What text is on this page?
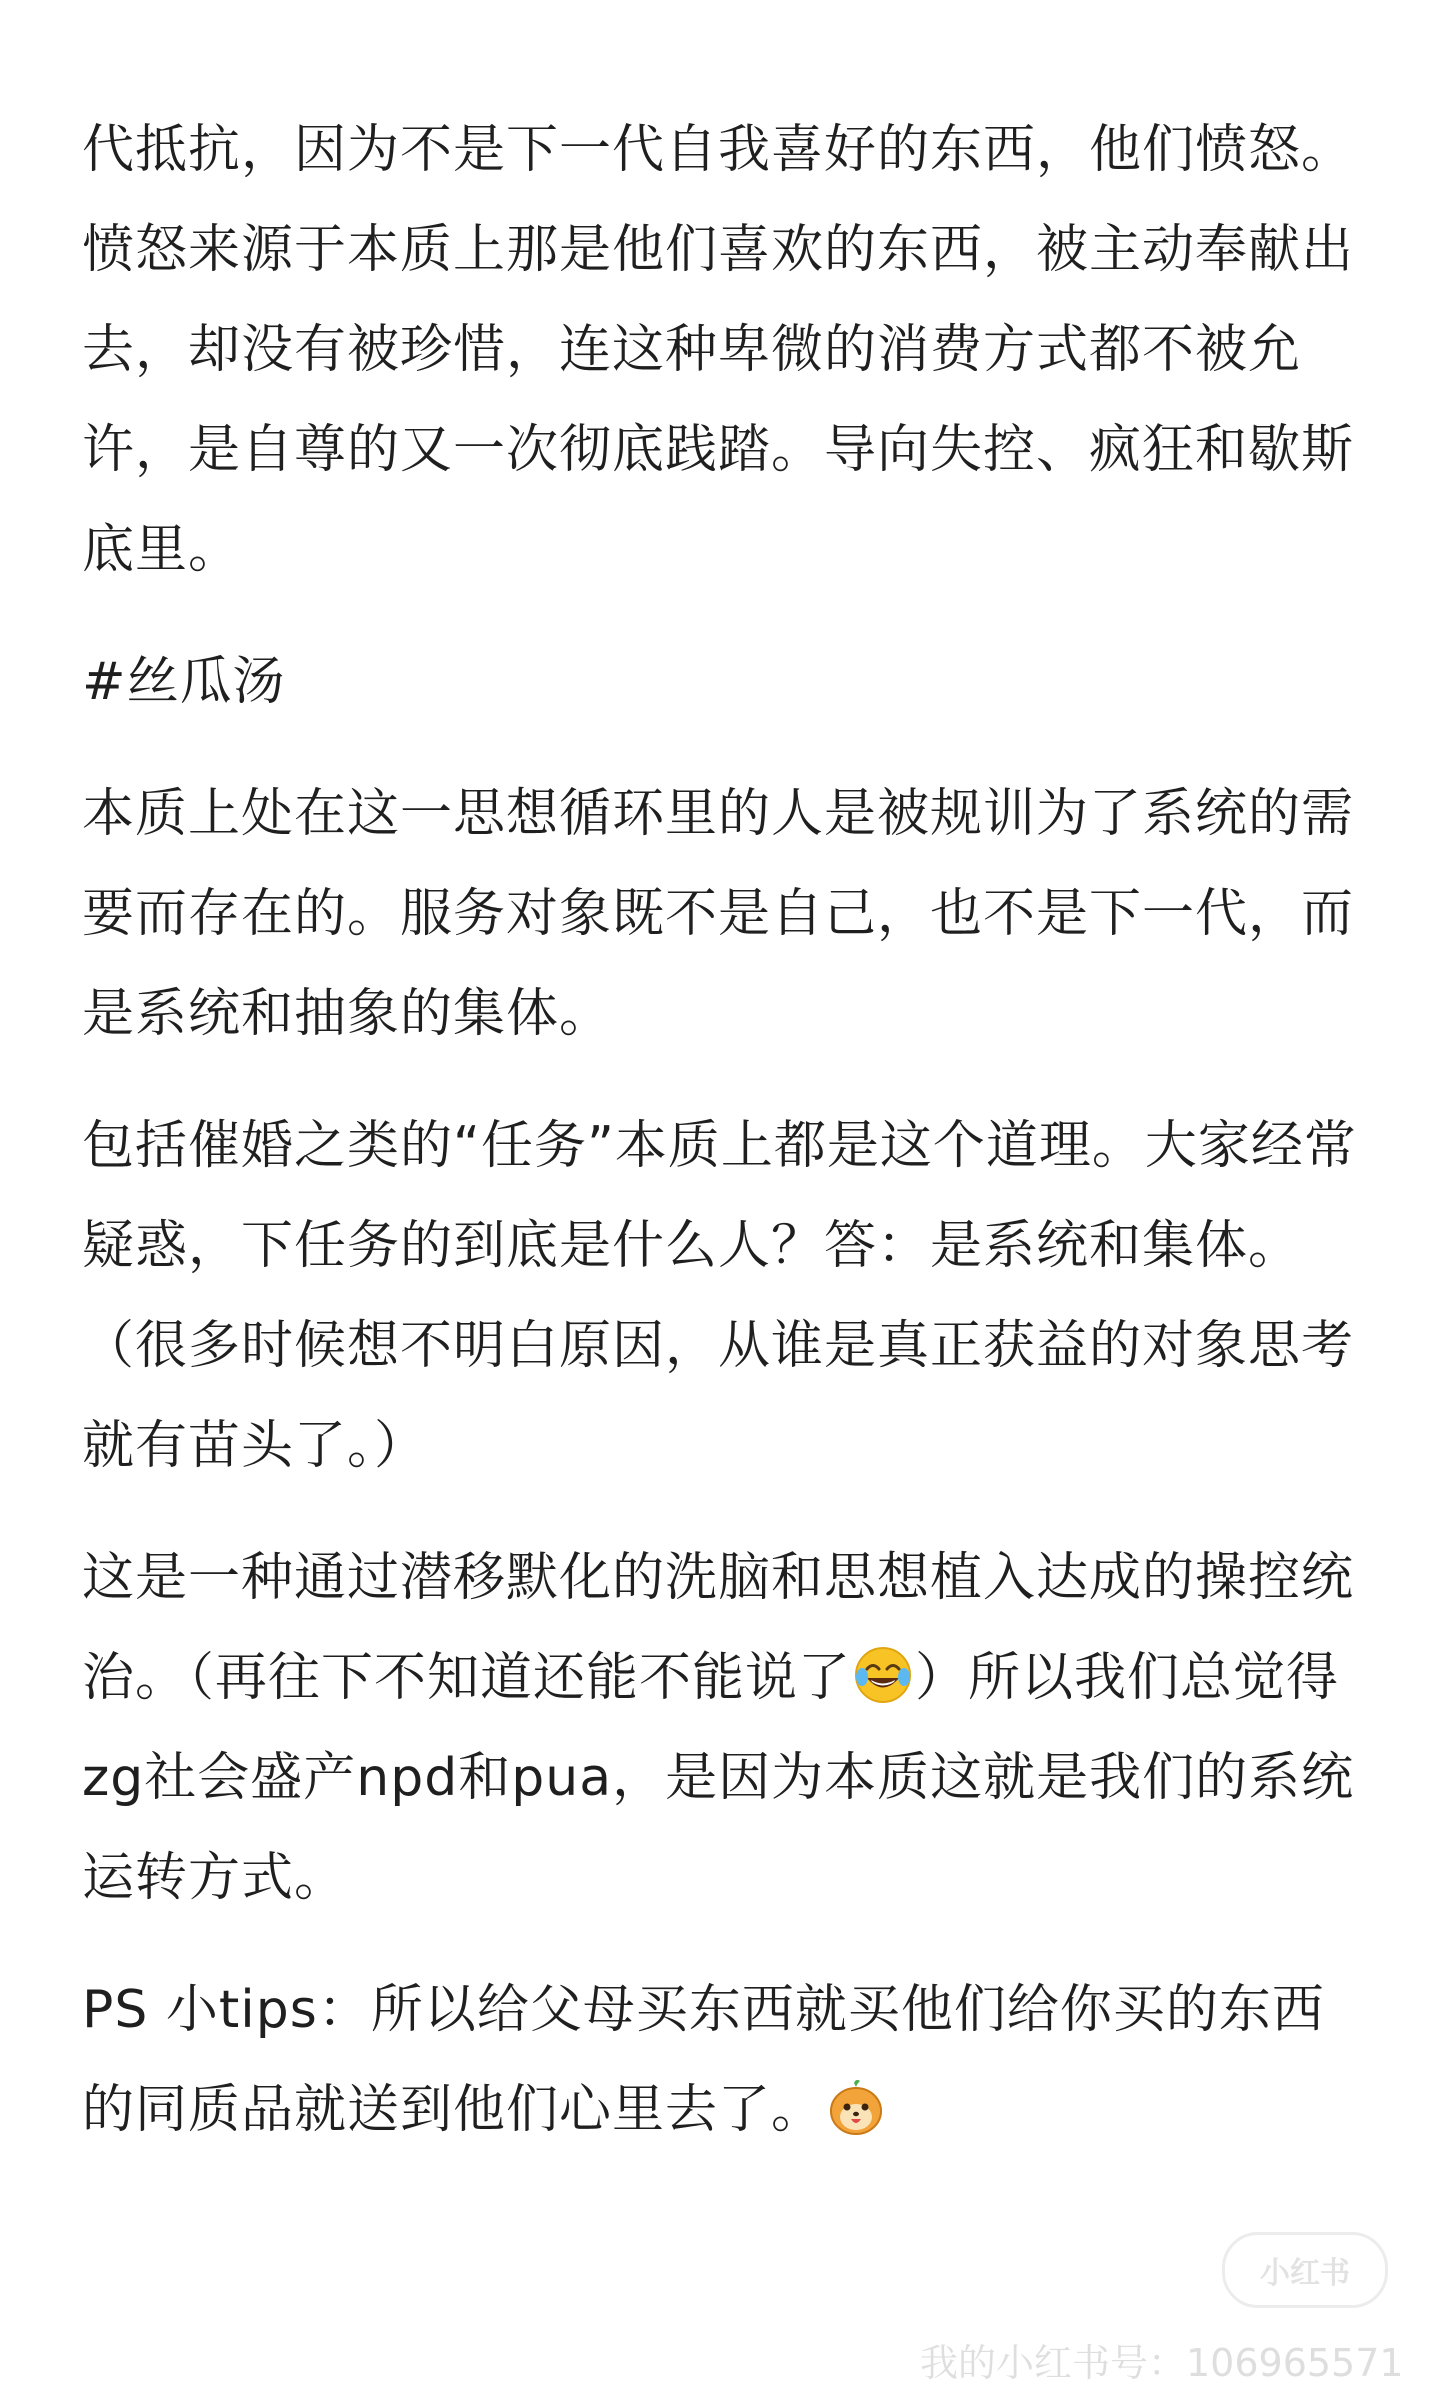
代抵抗，因为不是下一代自我喜好的东西，他们愤怒。愤怒来源于本质上那是他们喜欢的东西，被主动奉献出去，却没有被珍惜，连这种卑微的消费方式都不被允许，是自尊的又一次彻底践踏。导向失控、疯狂和歇斯底里。

#丝瓜汤

本质上处在这一思想循环里的人是被规训为了系统的需要而存在的。服务对象既不是自己，也不是下一代，而是系统和抽象的集体。

包括催婚之类的“任务”本质上都是这个道理。大家经常疑惑，下任务的到底是什么人？答：是系统和集体。（很多时候想不明白原因，从谁是真正获益的对象思考就有苗头了。）

这是一种通过潜移默化的洗脑和思想植入达成的操控统治。（再往下不知道还能不能说了 ）所以我们总觉得zg社会盛产npd和pua，是因为本质这就是我们的系统运转方式。

PS 小tips：所以给父母买东西就买他们给你买的东西的同质品就送到他们心里去了。

小红书
我的小红书号：106965571
